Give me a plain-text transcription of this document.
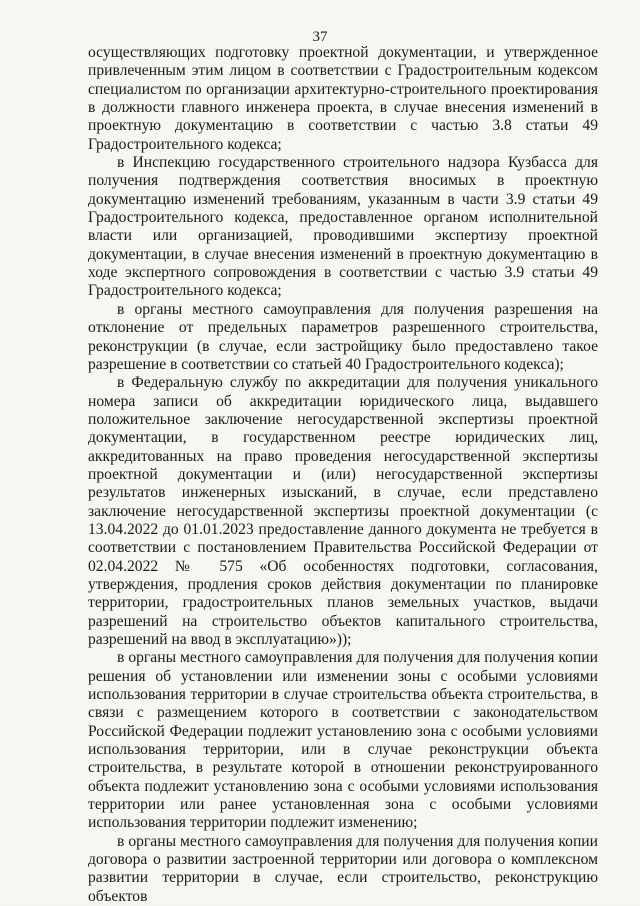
37

осуществляющих подготовку проектной документации, и утвержденное привлеченным этим лицом в соответствии с Градостроительным кодексом специалистом по организации архитектурно-строительного проектирования в должности главного инженера проекта, в случае внесения изменений в проектную документацию в соответствии с частью 3.8 статьи 49 Градостроительного кодекса;

в Инспекцию государственного строительного надзора Кузбасса для получения подтверждения соответствия вносимых в проектную документацию изменений требованиям, указанным в части 3.9 статьи 49 Градостроительного кодекса, предоставленное органом исполнительной власти или организацией, проводившими экспертизу проектной документации, в случае внесения изменений в проектную документацию в ходе экспертного сопровождения в соответствии с частью 3.9 статьи 49 Градостроительного кодекса;

в органы местного самоуправления для получения разрешения на отклонение от предельных параметров разрешенного строительства, реконструкции (в случае, если застройщику было предоставлено такое разрешение в соответствии со статьей 40 Градостроительного кодекса);

в Федеральную службу по аккредитации для получения уникального номера записи об аккредитации юридического лица, выдавшего положительное заключение негосударственной экспертизы проектной документации, в государственном реестре юридических лиц, аккредитованных на право проведения негосударственной экспертизы проектной документации и (или) негосударственной экспертизы результатов инженерных изысканий, в случае, если представлено заключение негосударственной экспертизы проектной документации (с 13.04.2022 до 01.01.2023 предоставление данного документа не требуется в соответствии с постановлением Правительства Российской Федерации от 02.04.2022 № 575 «Об особенностях подготовки, согласования, утверждения, продления сроков действия документации по планировке территории, градостроительных планов земельных участков, выдачи разрешений на строительство объектов капитального строительства, разрешений на ввод в эксплуатацию»));

в органы местного самоуправления для получения для получения копии решения об установлении или изменении зоны с особыми условиями использования территории в случае строительства объекта строительства, в связи с размещением которого в соответствии с законодательством Российской Федерации подлежит установлению зона с особыми условиями использования территории, или в случае реконструкции объекта строительства, в результате которой в отношении реконструированного объекта подлежит установлению зона с особыми условиями использования территории или ранее установленная зона с особыми условиями использования территории подлежит изменению;

в органы местного самоуправления для получения для получения копии договора о развитии застроенной территории или договора о комплексном развитии территории в случае, если строительство, реконструкцию объектов
